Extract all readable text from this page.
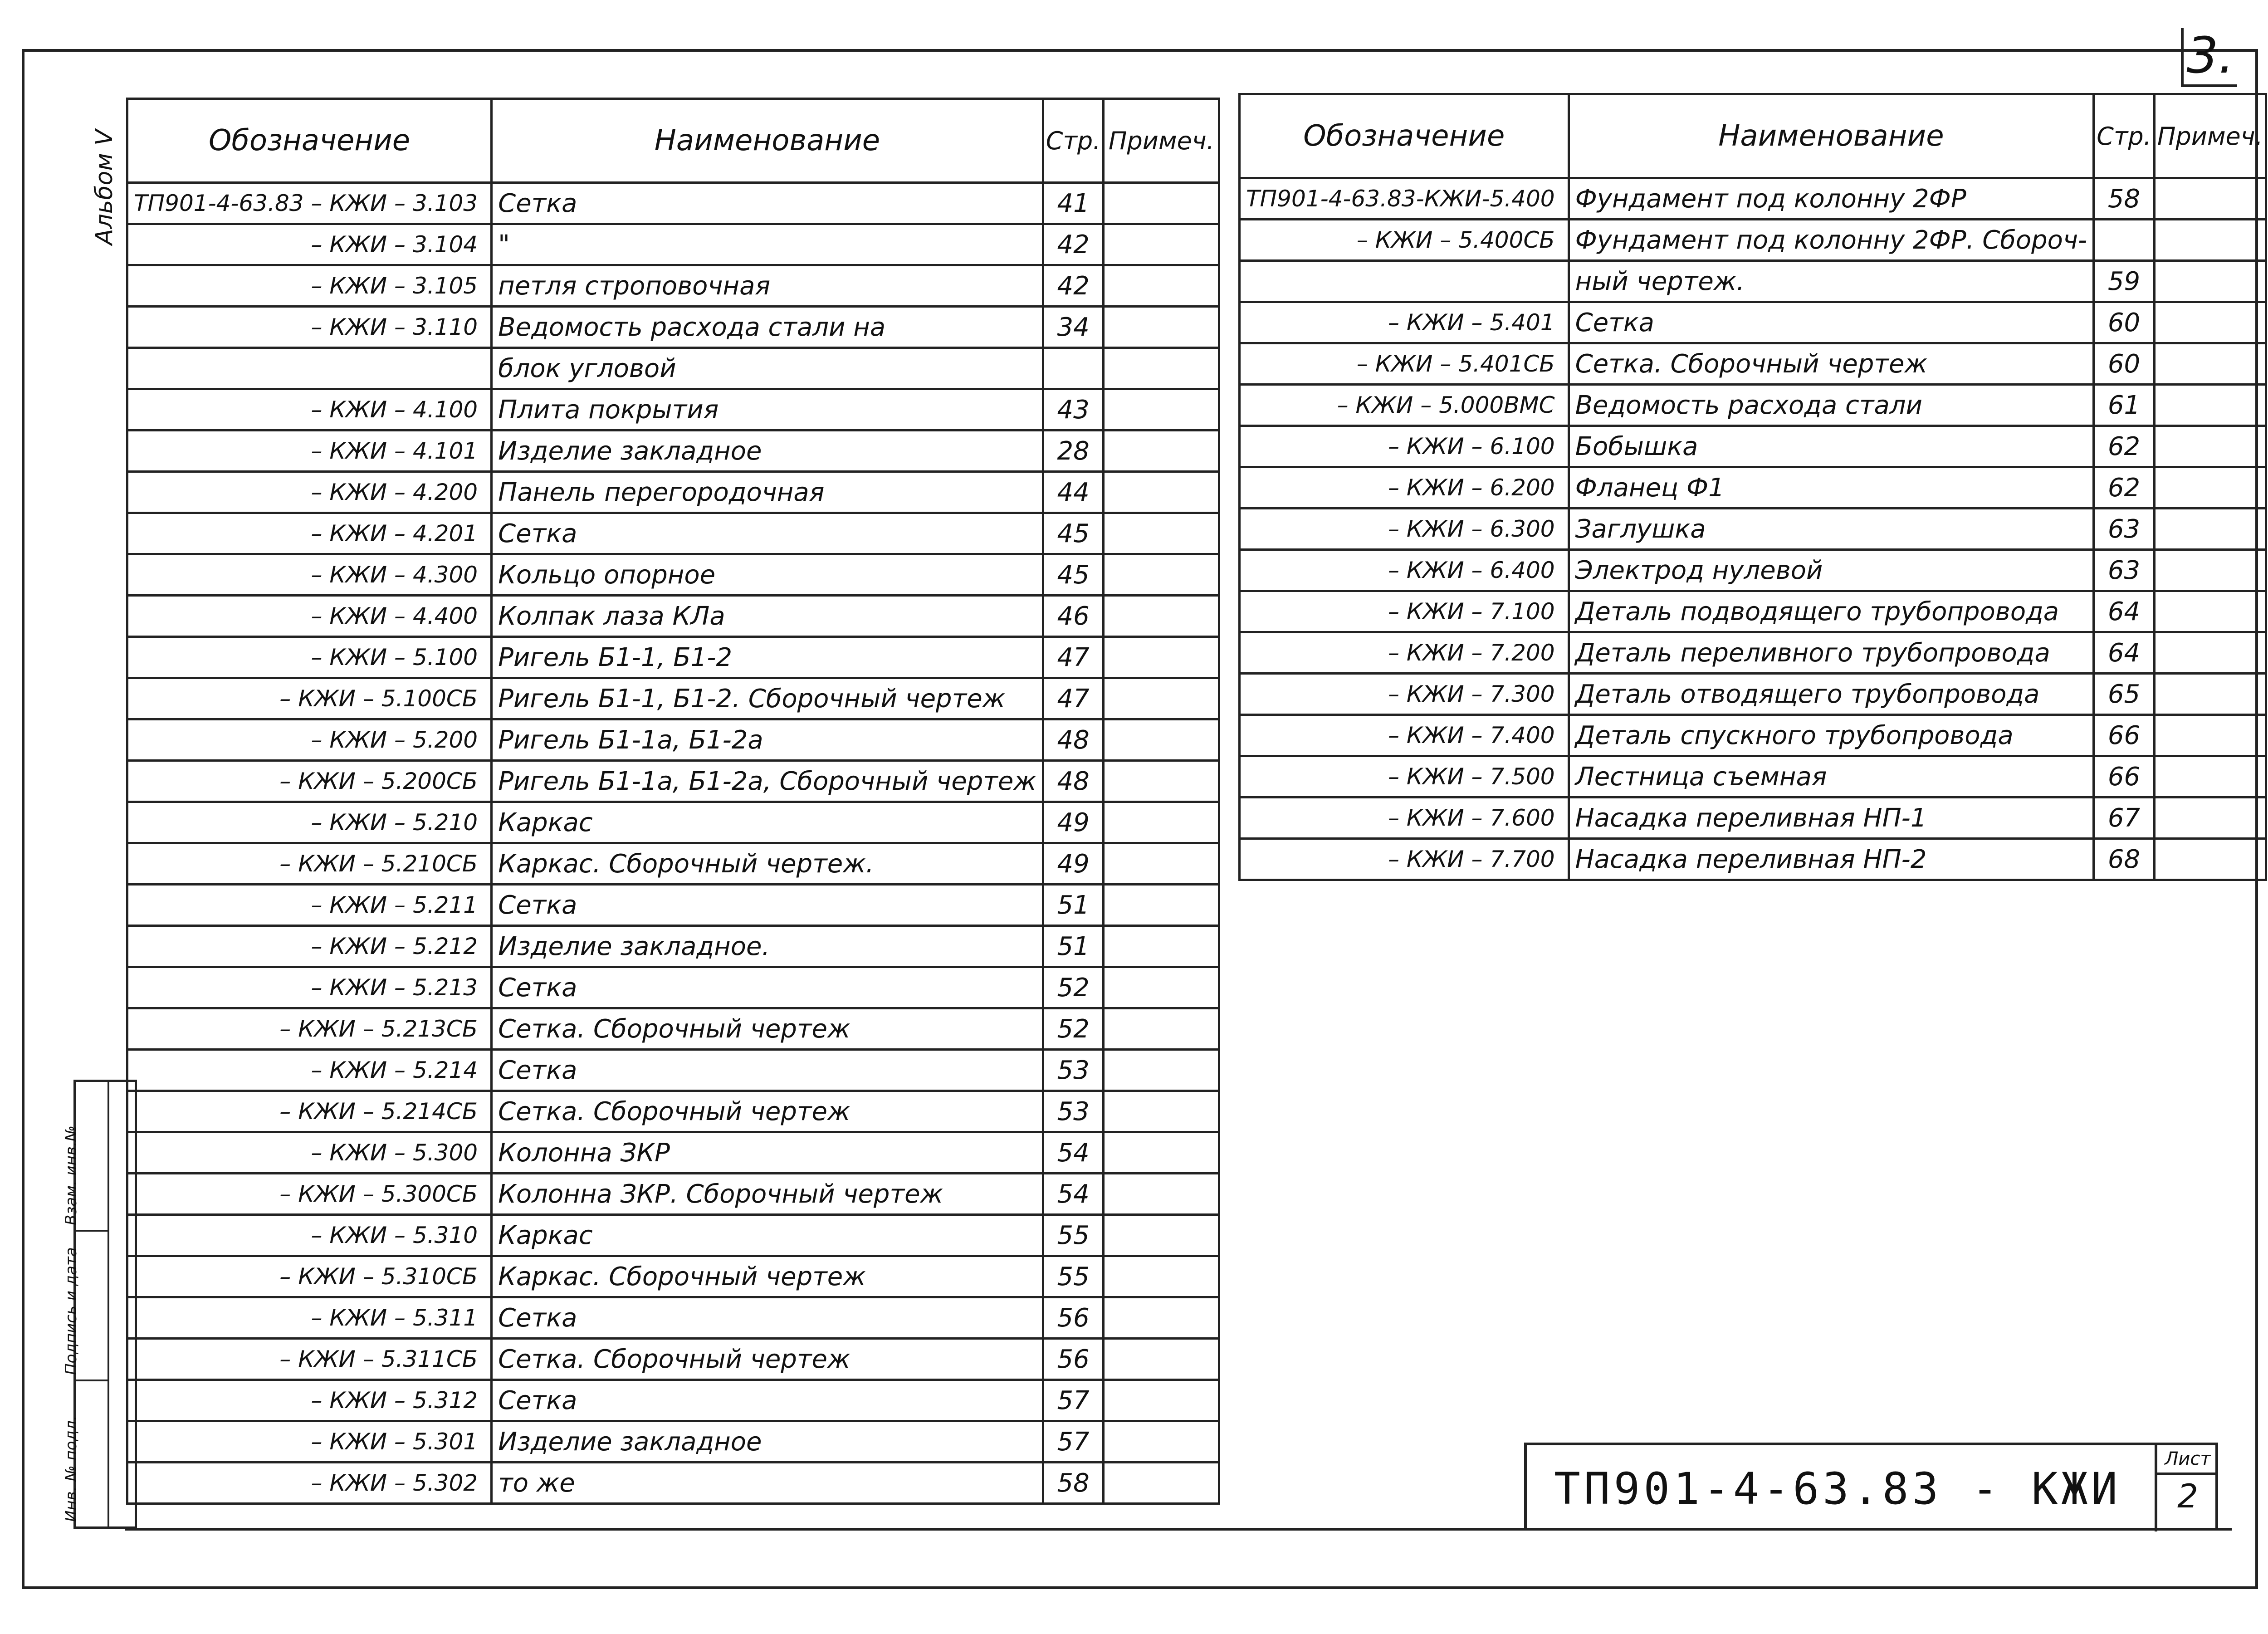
3.
Альбом V
Взам. инв.№
Подпись и дата
Инв. № подл.
Обозначение	Наименование	Стр.	Примеч.
ТП901-4-63.83 – КЖИ – 3.103	Сетка	41	
– КЖИ – 3.104	"	42	
– КЖИ – 3.105	петля строповочная	42	
– КЖИ – 3.110	Ведомость расхода стали на	34	
	блок угловой		
– КЖИ – 4.100	Плита покрытия	43	
– КЖИ – 4.101	Изделие закладное	28	
– КЖИ – 4.200	Панель перегородочная	44	
– КЖИ – 4.201	Сетка	45	
– КЖИ – 4.300	Кольцо опорное	45	
– КЖИ – 4.400	Колпак лаза КЛа	46	
– КЖИ – 5.100	Ригель Б1-1, Б1-2	47	
– КЖИ – 5.100СБ	Ригель Б1-1, Б1-2. Сборочный чертеж	47	
– КЖИ – 5.200	Ригель Б1-1а, Б1-2а	48	
– КЖИ – 5.200СБ	Ригель Б1-1а, Б1-2а, Сборочный чертеж	48	
– КЖИ – 5.210	Каркас	49	
– КЖИ – 5.210СБ	Каркас. Сборочный чертеж.	49	
– КЖИ – 5.211	Сетка	51	
– КЖИ – 5.212	Изделие закладное.	51	
– КЖИ – 5.213	Сетка	52	
– КЖИ – 5.213СБ	Сетка. Сборочный чертеж	52	
– КЖИ – 5.214	Сетка	53	
– КЖИ – 5.214СБ	Сетка. Сборочный чертеж	53	
– КЖИ – 5.300	Колонна ЗКР	54	
– КЖИ – 5.300СБ	Колонна ЗКР. Сборочный чертеж	54	
– КЖИ – 5.310	Каркас	55	
– КЖИ – 5.310СБ	Каркас. Сборочный чертеж	55	
– КЖИ – 5.311	Сетка	56	
– КЖИ – 5.311СБ	Сетка. Сборочный чертеж	56	
– КЖИ – 5.312	Сетка	57	
– КЖИ – 5.301	Изделие закладное	57	
– КЖИ – 5.302	то же	58	
Обозначение	Наименование	Стр.	Примеч.
ТП901-4-63.83-КЖИ-5.400	Фундамент под колонну 2ФР	58	
– КЖИ – 5.400СБ	Фундамент под колонну 2ФР. Сбороч-		
	ный чертеж.	59	
– КЖИ – 5.401	Сетка	60	
– КЖИ – 5.401СБ	Сетка. Сборочный чертеж	60	
– КЖИ – 5.000ВМС	Ведомость расхода стали	61	
– КЖИ – 6.100	Бобышка	62	
– КЖИ – 6.200	Фланец Ф1	62	
– КЖИ – 6.300	Заглушка	63	
– КЖИ – 6.400	Электрод нулевой	63	
– КЖИ – 7.100	Деталь подводящего трубопровода	64	
– КЖИ – 7.200	Деталь переливного трубопровода	64	
– КЖИ – 7.300	Деталь отводящего трубопровода	65	
– КЖИ – 7.400	Деталь спускного трубопровода	66	
– КЖИ – 7.500	Лестница съемная	66	
– КЖИ – 7.600	Насадка переливная НП-1	67	
– КЖИ – 7.700	Насадка переливная НП-2	68	
ТП901-4-63.83 - КЖИ
Лист
2
